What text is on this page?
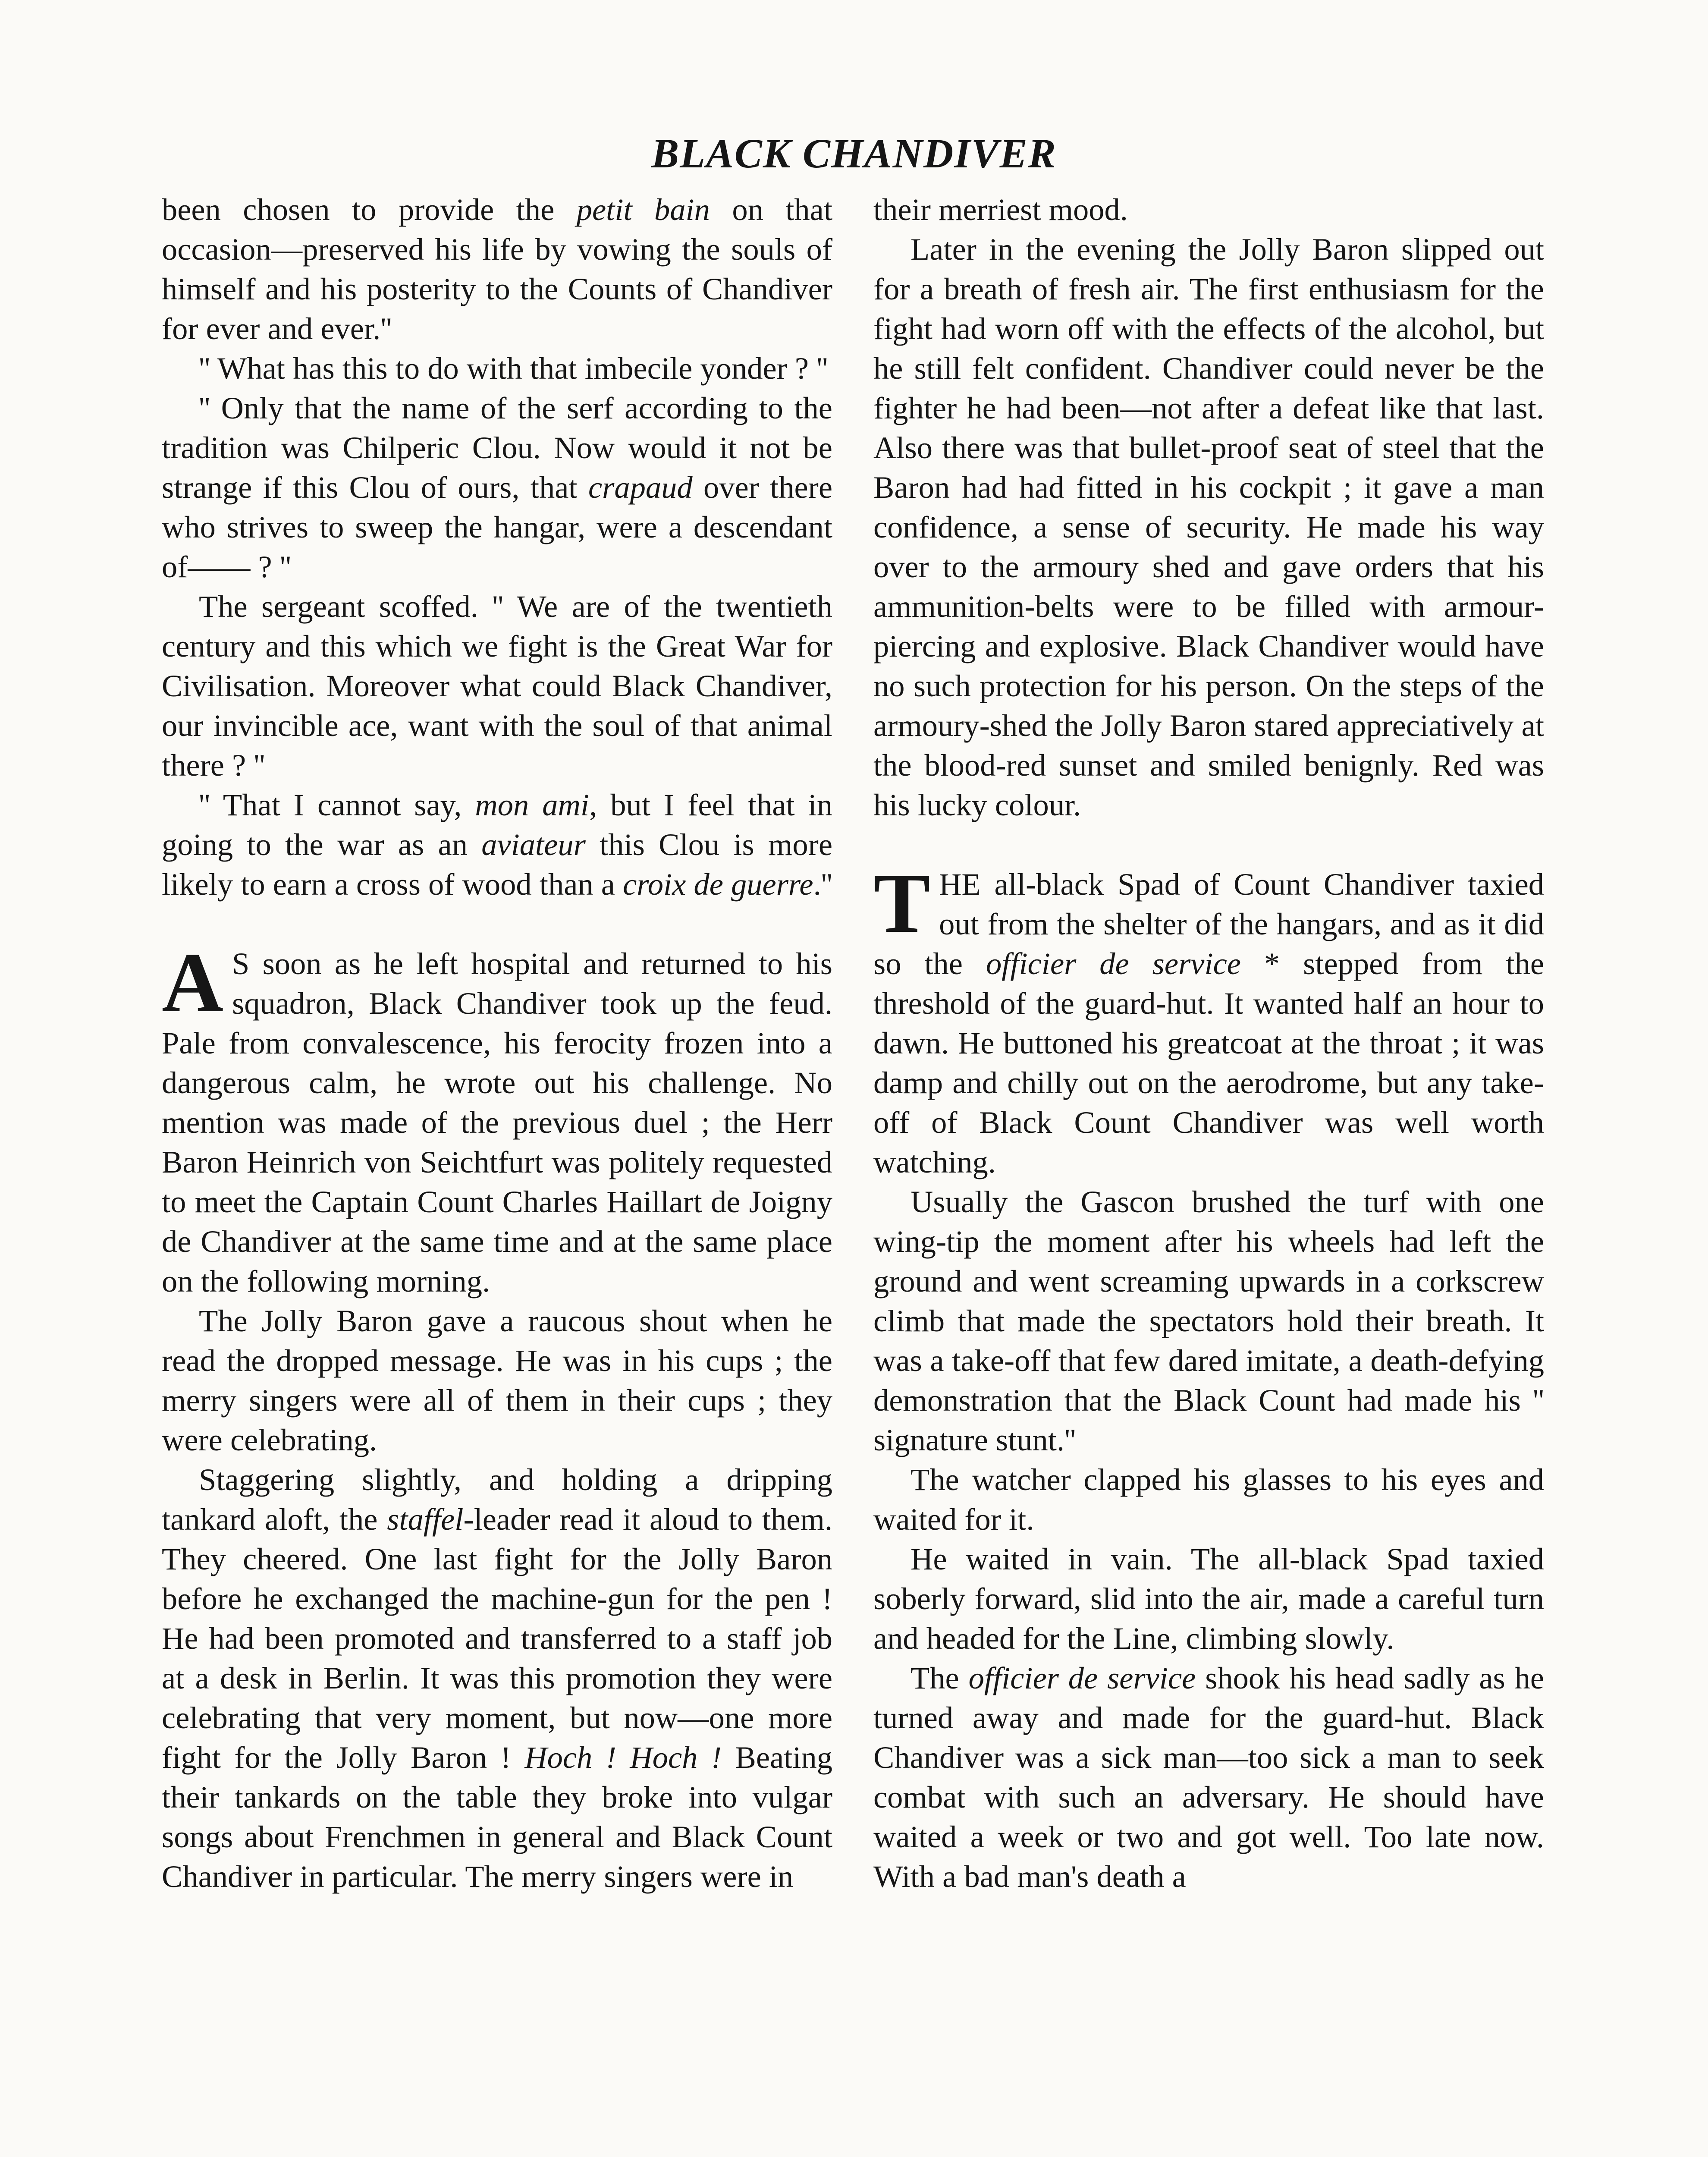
BLACK CHANDIVER

been chosen to provide the petit bain on that occasion—preserved his life by vowing the souls of himself and his posterity to the Counts of Chandiver for ever and ever.''

'' What has this to do with that imbecile yonder ? ''

'' Only that the name of the serf according to the tradition was Chilperic Clou. Now would it not be strange if this Clou of ours, that crapaud over there who strives to sweep the hangar, were a descendant of—— ? ''

The sergeant scoffed. '' We are of the twentieth century and this which we fight is the Great War for Civilisation. Moreover what could Black Chandiver, our invincible ace, want with the soul of that animal there ? ''

'' That I cannot say, mon ami, but I feel that in going to the war as an aviateur this Clou is more likely to earn a cross of wood than a croix de guerre.''

A S soon as he left hospital and returned to his squadron, Black Chandiver took up the feud. Pale from convalescence, his ferocity frozen into a dangerous calm, he wrote out his challenge. No mention was made of the previous duel ; the Herr Baron Heinrich von Seichtfurt was politely requested to meet the Captain Count Charles Haillart de Joigny de Chandiver at the same time and at the same place on the following morning.

The Jolly Baron gave a raucous shout when he read the dropped message. He was in his cups ; the merry singers were all of them in their cups ; they were celebrating.

Staggering slightly, and holding a dripping tankard aloft, the staffel-leader read it aloud to them. They cheered. One last fight for the Jolly Baron before he exchanged the machine-gun for the pen ! He had been promoted and transferred to a staff job at a desk in Berlin. It was this promotion they were celebrating that very moment, but now—one more fight for the Jolly Baron ! Hoch ! Hoch ! Beating their tankards on the table they broke into vulgar songs about Frenchmen in general and Black Count Chandiver in particular. The merry singers were in

their merriest mood.

Later in the evening the Jolly Baron slipped out for a breath of fresh air. The first enthusiasm for the fight had worn off with the effects of the alcohol, but he still felt confident. Chandiver could never be the fighter he had been—not after a defeat like that last. Also there was that bullet-proof seat of steel that the Baron had had fitted in his cockpit ; it gave a man confidence, a sense of security. He made his way over to the armoury shed and gave orders that his ammunition-belts were to be filled with armour-piercing and explosive. Black Chandiver would have no such protection for his person. On the steps of the armoury-shed the Jolly Baron stared appreciatively at the blood-red sunset and smiled benignly. Red was his lucky colour.

THE all-black Spad of Count Chandiver taxied out from the shelter of the hangars, and as it did so the officier de service * stepped from the threshold of the guard-hut. It wanted half an hour to dawn. He buttoned his greatcoat at the throat ; it was damp and chilly out on the aerodrome, but any take-off of Black Count Chandiver was well worth watching.

Usually the Gascon brushed the turf with one wing-tip the moment after his wheels had left the ground and went screaming upwards in a corkscrew climb that made the spectators hold their breath. It was a take-off that few dared imitate, a death-defying demonstration that the Black Count had made his '' signature stunt.''

The watcher clapped his glasses to his eyes and waited for it.

He waited in vain. The all-black Spad taxied soberly forward, slid into the air, made a careful turn and headed for the Line, climbing slowly.

The officier de service shook his head sadly as he turned away and made for the guard-hut. Black Chandiver was a sick man—too sick a man to seek combat with such an adversary. He should have waited a week or two and got well. Too late now. With a bad man's death a
